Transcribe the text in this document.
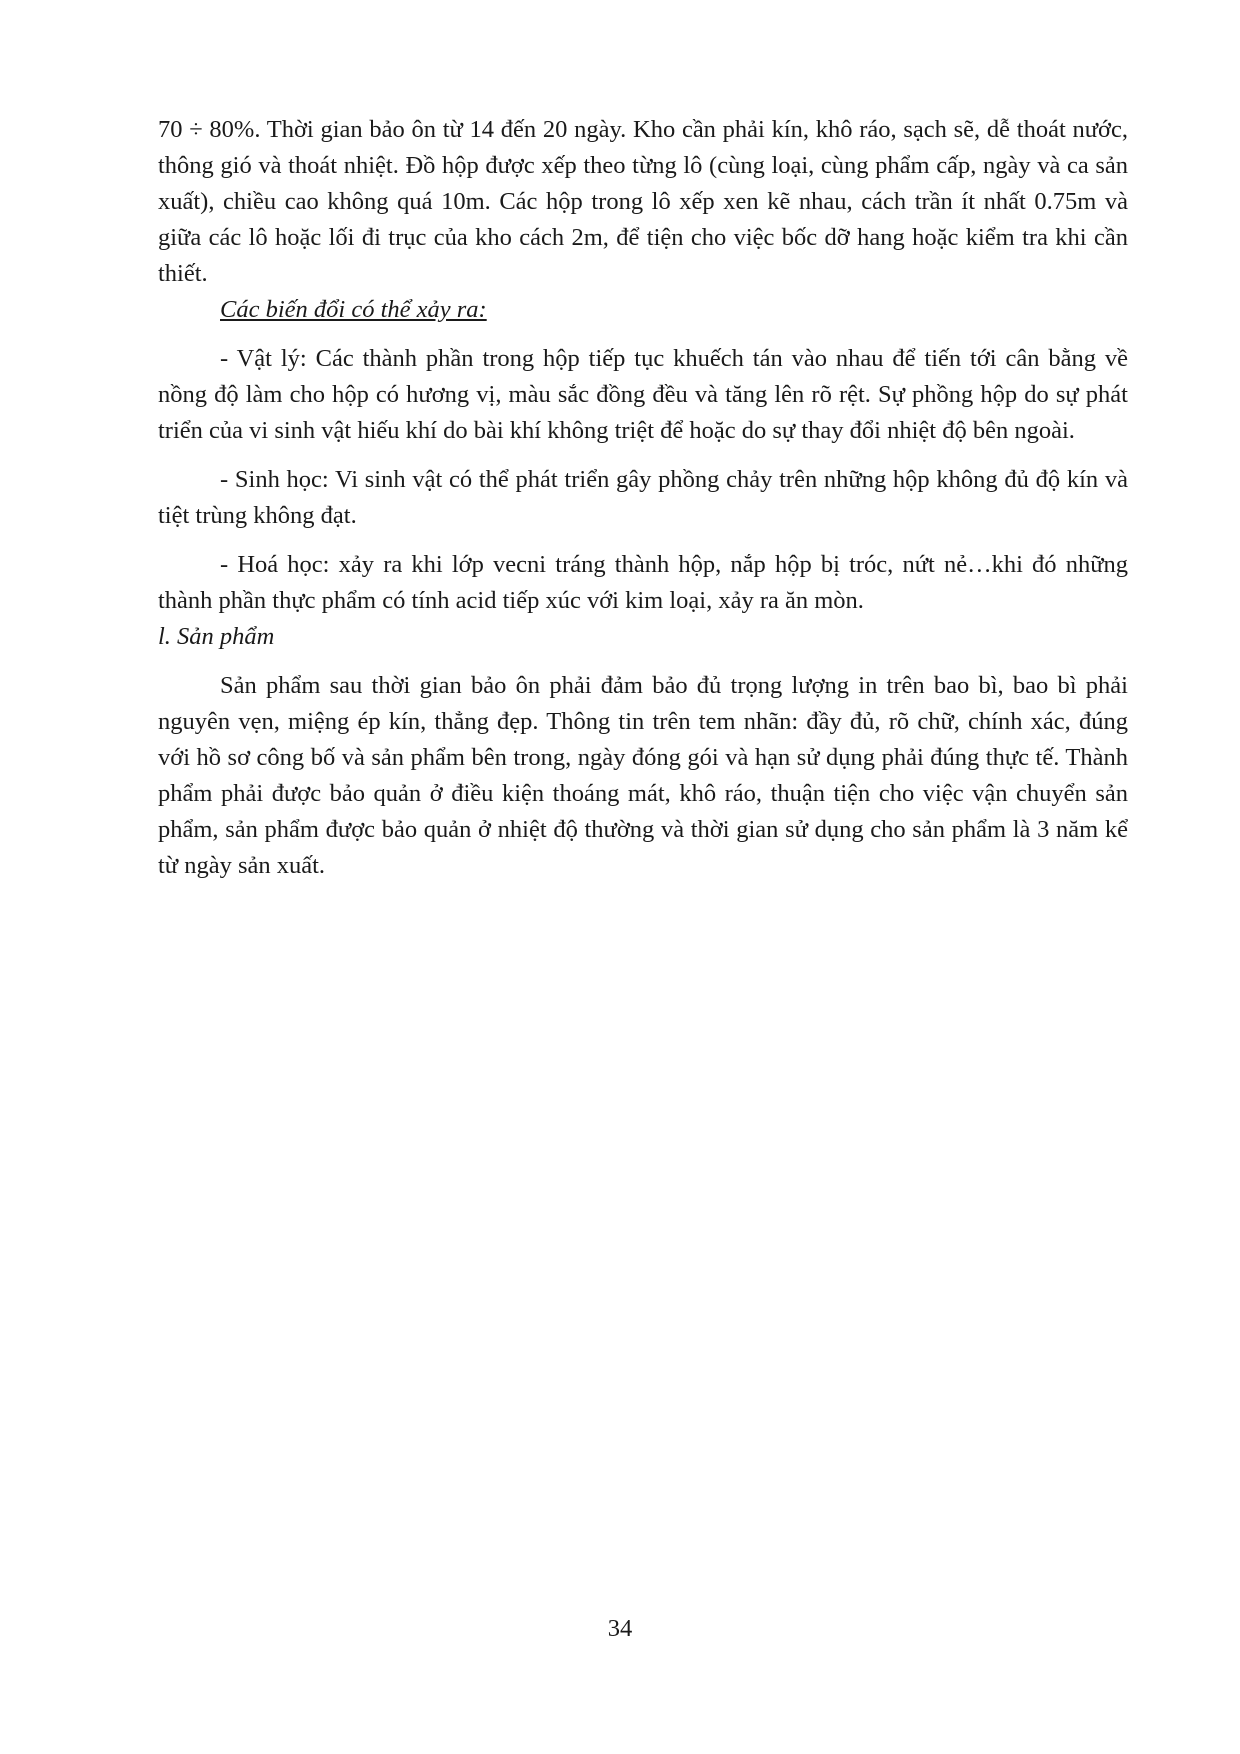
70 ÷ 80%. Thời gian bảo ôn từ 14 đến 20 ngày. Kho cần phải kín, khô ráo, sạch sẽ, dễ thoát nước, thông gió và thoát nhiệt. Đồ hộp được xếp theo từng lô (cùng loại, cùng phẩm cấp, ngày và ca sản xuất), chiều cao không quá 10m. Các hộp trong lô xếp xen kẽ nhau, cách trần ít nhất 0.75m và giữa các lô hoặc lối đi trục của kho cách 2m, để tiện cho việc bốc dỡ hang hoặc kiểm tra khi cần thiết.

Các biến đổi có thể xảy ra:

- Vật lý: Các thành phần trong hộp tiếp tục khuếch tán vào nhau để tiến tới cân bằng về nồng độ làm cho hộp có hương vị, màu sắc đồng đều và tăng lên rõ rệt. Sự phồng hộp do sự phát triển của vi sinh vật hiếu khí do bài khí không triệt để hoặc do sự thay đổi nhiệt độ bên ngoài.

- Sinh học: Vi sinh vật có thể phát triển gây phồng chảy trên những hộp không đủ độ kín và tiệt trùng không đạt.

- Hoá học: xảy ra khi lớp vecni tráng thành hộp, nắp hộp bị tróc, nứt nẻ…khi đó những thành phần thực phẩm có tính acid tiếp xúc với kim loại, xảy ra ăn mòn.

l. Sản phẩm

Sản phẩm sau thời gian bảo ôn phải đảm bảo đủ trọng lượng in trên bao bì, bao bì phải nguyên vẹn, miệng ép kín, thẳng đẹp. Thông tin trên tem nhãn: đầy đủ, rõ chữ, chính xác, đúng với hồ sơ công bố và sản phẩm bên trong, ngày đóng gói và hạn sử dụng phải đúng thực tế. Thành phẩm phải được bảo quản ở điều kiện thoáng mát, khô ráo, thuận tiện cho việc vận chuyển sản phẩm, sản phẩm được bảo quản ở nhiệt độ thường và thời gian sử dụng cho sản phẩm là 3 năm kể từ ngày sản xuất.

34
